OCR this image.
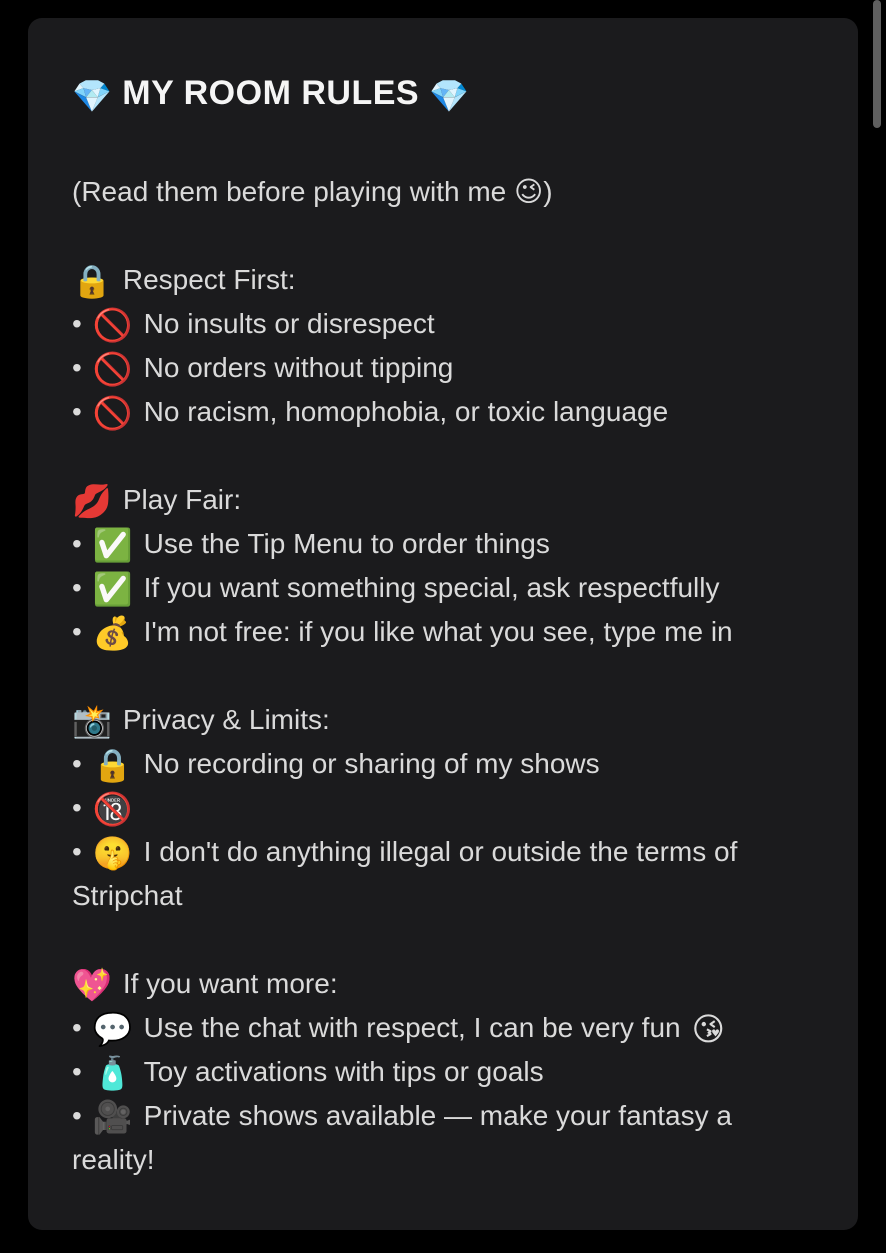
💎 MY ROOM RULES 💎

(Read them before playing with me 😉)

🔒 Respect First:
• 🚫 No insults or disrespect
• 🚫 No orders without tipping
• 🚫 No racism, homophobia, or toxic language
💋 Play Fair:
• ✅ Use the Tip Menu to order things
• ✅ If you want something special, ask respectfully
• 💰 I'm not free: if you like what you see, type me in
📸 Privacy & Limits:
• 🔒 No recording or sharing of my shows
• 🔞
• 🤫 I don't do anything illegal or outside the terms of Stripchat
💖 If you want more:
• 💬 Use the chat with respect, I can be very fun 😘
• 🧴 Toy activations with tips or goals
• 🎥 Private shows available — make your fantasy a reality!
